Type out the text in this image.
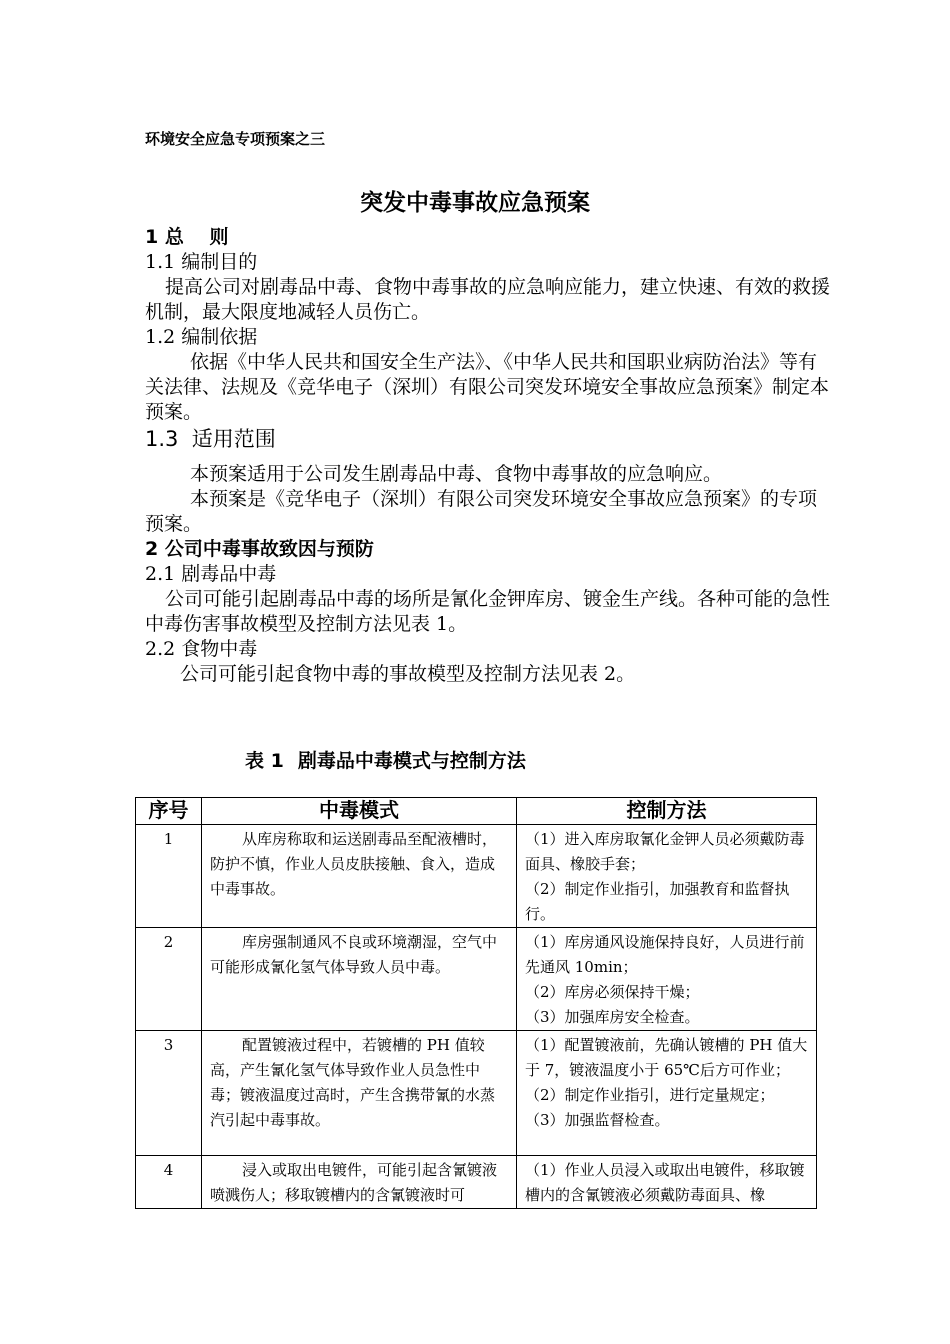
环境安全应急专项预案之三
突发中毒事故应急预案

1 总　 则

1.1 编制目的

提高公司对剧毒品中毒、食物中毒事故的应急响应能力，建立快速、有效的救援机制，最大限度地减轻人员伤亡。

1.2 编制依据

依据《中华人民共和国安全生产法》、《中华人民共和国职业病防治法》等有关法律、法规及《竞华电子（深圳）有限公司突发环境安全事故应急预案》制定本预案。

1.3 适用范围

本预案适用于公司发生剧毒品中毒、食物中毒事故的应急响应。

本预案是《竞华电子（深圳）有限公司突发环境安全事故应急预案》的专项预案。

2 公司中毒事故致因与预防

2.1 剧毒品中毒

公司可能引起剧毒品中毒的场所是氰化金钾库房、镀金生产线。各种可能的急性中毒伤害事故模型及控制方法见表 1。

2.2 食物中毒

公司可能引起食物中毒的事故模型及控制方法见表 2。

表 1 剧毒品中毒模式与控制方法
序号	中毒模式	控制方法
1	从库房称取和运送剧毒品至配液槽时，防护不慎，作业人员皮肤接触、食入，造成中毒事故。	（1）进入库房取氰化金钾人员必须戴防毒面具、橡胶手套；
（2）制定作业指引，加强教育和监督执行。

2	库房强制通风不良或环境潮湿，空气中可能形成氰化氢气体导致人员中毒。	（1）库房通风设施保持良好，人员进行前先通风 10min；
（2）库房必须保持干燥；
（3）加强库房安全检查。

3	配置镀液过程中，若镀槽的 PH 值较高，产生氰化氢气体导致作业人员急性中毒；镀液温度过高时，产生含携带氰的水蒸汽引起中毒事故。	（1）配置镀液前，先确认镀槽的 PH 值大于 7，镀液温度小于 65℃后方可作业；
（2）制定作业指引，进行定量规定；
（3）加强监督检查。

4	浸入或取出电镀件，可能引起含氰镀液喷溅伤人；移取镀槽内的含氰镀液时可	（1）作业人员浸入或取出电镀件，移取镀槽内的含氰镀液必须戴防毒面具、橡
